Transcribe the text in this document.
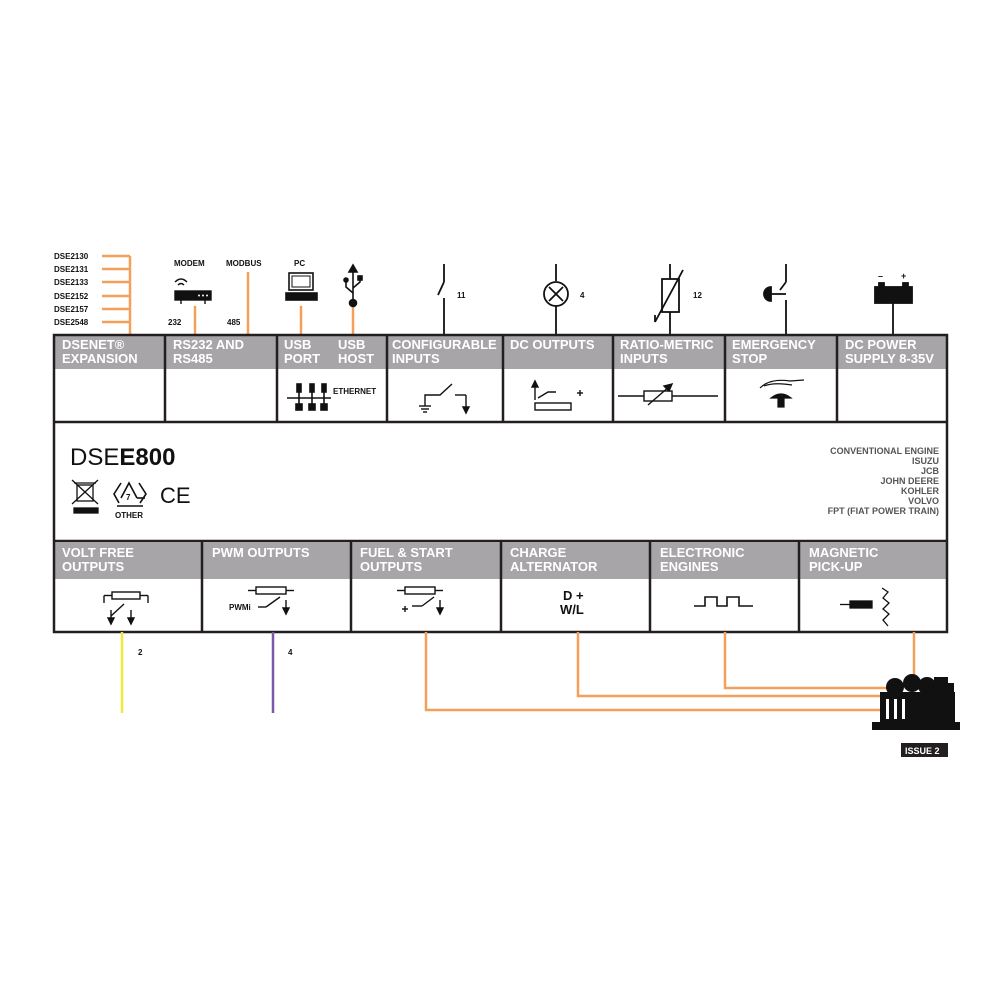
DSE2130
DSE2131
DSE2133
DSE2152
DSE2157
DSE2548
MODEM	MODBUS	PC
232	485
11	4	12
– +
DSENET®
EXPANSION
RS232 AND
RS485
USB
PORT
USB
HOST
CONFIGURABLE
INPUTS
DC OUTPUTS RATIO-METRIC
INPUTS
EMERGENCY
STOP
DC POWER
SUPPLY 8-35V
ETHERNET
DSEE800
7
OTHER
CE
CONVENTIONAL ENGINE
ISUZU
JCB
JOHN DEERE
KOHLER
VOLVO
FPT (FIAT POWER TRAIN)
VOLT FREE
OUTPUTS
PWM OUTPUTS	FUEL & START
OUTPUTS
CHARGE
ALTERNATOR
ELECTRONIC
ENGINES
MAGNETIC
PICK-UP
PWMi
D +
W/L
2	4
ISSUE 2
